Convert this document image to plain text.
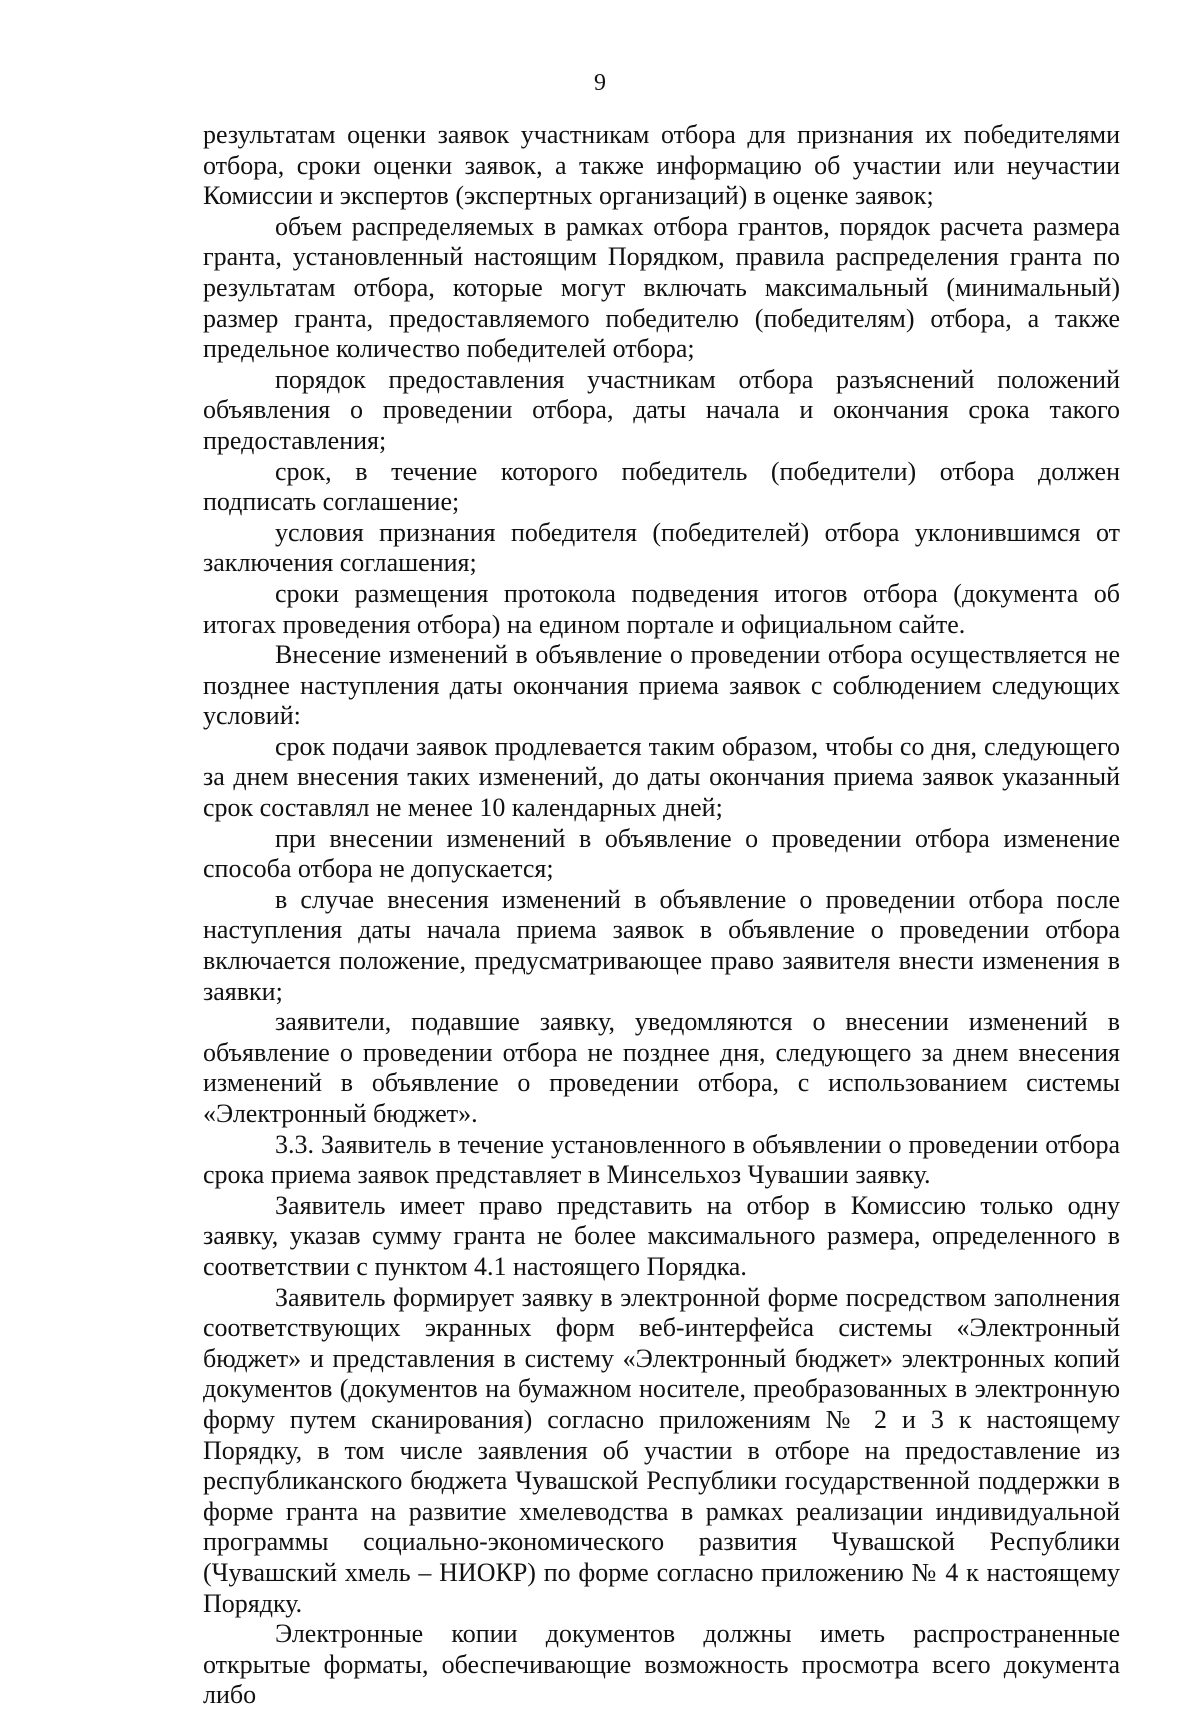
9

результатам оценки заявок участникам отбора для признания их победителями отбора, сроки оценки заявок, а также информацию об участии или неучастии Комиссии и экспертов (экспертных организаций) в оценке заявок;

объем распределяемых в рамках отбора грантов, порядок расчета размера гранта, установленный настоящим Порядком, правила распределения гранта по результатам отбора, которые могут включать максимальный (минимальный) размер гранта, предоставляемого победителю (победителям) отбора, а также предельное количество победителей отбора;

порядок предоставления участникам отбора разъяснений положений объявления о проведении отбора, даты начала и окончания срока такого предоставления;

срок, в течение которого победитель (победители) отбора должен подписать соглашение;

условия признания победителя (победителей) отбора уклонившимся от заключения соглашения;

сроки размещения протокола подведения итогов отбора (документа об итогах проведения отбора) на едином портале и официальном сайте.

Внесение изменений в объявление о проведении отбора осуществляется не позднее наступления даты окончания приема заявок с соблюдением следующих условий:

срок подачи заявок продлевается таким образом, чтобы со дня, следующего за днем внесения таких изменений, до даты окончания приема заявок указанный срок составлял не менее 10 календарных дней;

при внесении изменений в объявление о проведении отбора изменение способа отбора не допускается;

в случае внесения изменений в объявление о проведении отбора после наступления даты начала приема заявок в объявление о проведении отбора включается положение, предусматривающее право заявителя внести изменения в заявки;

заявители, подавшие заявку, уведомляются о внесении изменений в объявление о проведении отбора не позднее дня, следующего за днем внесения изменений в объявление о проведении отбора, с использованием системы «Электронный бюджет».

3.3. Заявитель в течение установленного в объявлении о проведении отбора срока приема заявок представляет в Минсельхоз Чувашии заявку.

Заявитель имеет право представить на отбор в Комиссию только одну заявку, указав сумму гранта не более максимального размера, определенного в соответствии с пунктом 4.1 настоящего Порядка.

Заявитель формирует заявку в электронной форме посредством заполнения соответствующих экранных форм веб-интерфейса системы «Электронный бюджет» и представления в систему «Электронный бюджет» электронных копий документов (документов на бумажном носителе, преобразованных в электронную форму путем сканирования) согласно приложениям № 2 и 3 к настоящему Порядку, в том числе заявления об участии в отборе на предоставление из республиканского бюджета Чувашской Республики государственной поддержки в форме гранта на развитие хмелеводства в рамках реализации индивидуальной программы социально-экономического развития Чувашской Республики (Чувашский хмель – НИОКР) по форме согласно приложению № 4 к настоящему Порядку.

Электронные копии документов должны иметь распространенные открытые форматы, обеспечивающие возможность просмотра всего документа либо
